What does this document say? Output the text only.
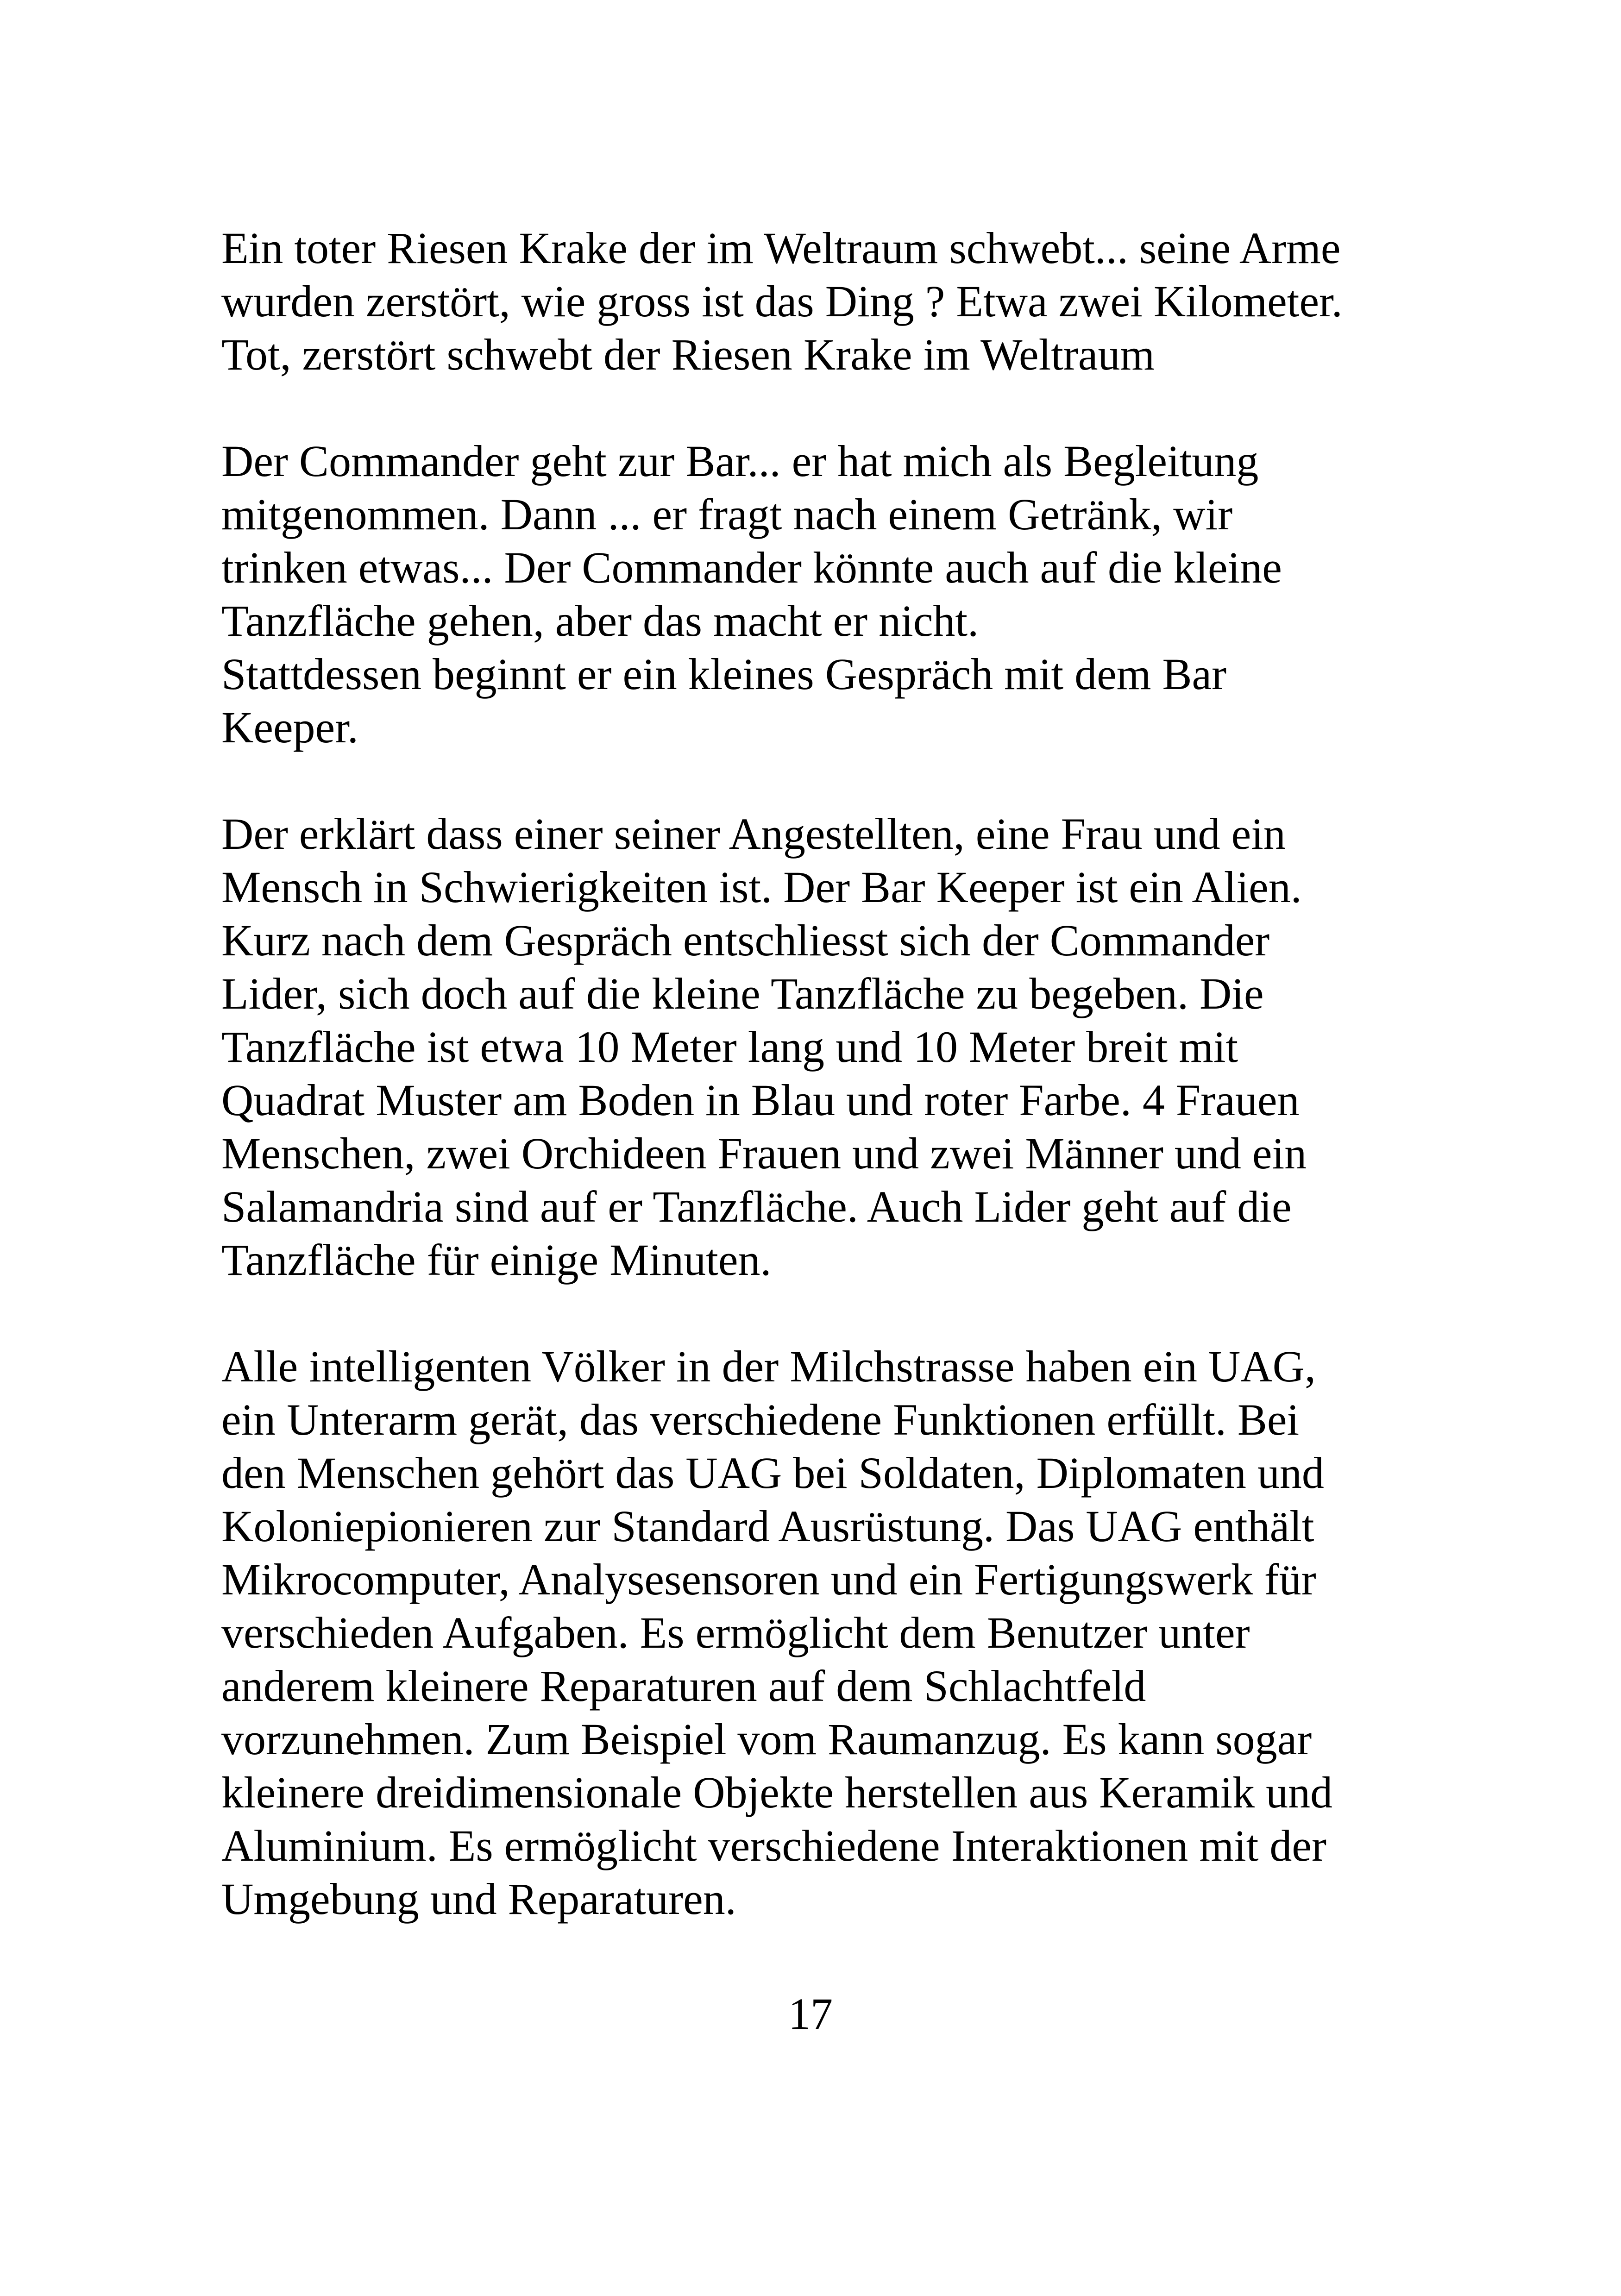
Ein toter Riesen Krake der im Weltraum schwebt... seine Arme
wurden zerstört, wie gross ist das Ding ? Etwa zwei Kilometer.
Tot, zerstört schwebt der Riesen Krake im Weltraum

Der Commander geht zur Bar... er hat mich als Begleitung
mitgenommen. Dann ... er fragt nach einem Getränk, wir
trinken etwas... Der Commander könnte auch auf die kleine
Tanzfläche gehen, aber das macht er nicht.
Stattdessen beginnt er ein kleines Gespräch mit dem Bar
Keeper.

Der erklärt dass einer seiner Angestellten, eine Frau und ein
Mensch in Schwierigkeiten ist. Der Bar Keeper ist ein Alien.
Kurz nach dem Gespräch entschliesst sich der Commander
Lider, sich doch auf die kleine Tanzfläche zu begeben. Die
Tanzfläche ist etwa 10 Meter lang und 10 Meter breit mit
Quadrat Muster am Boden in Blau und roter Farbe. 4 Frauen
Menschen, zwei Orchideen Frauen und zwei Männer und ein
Salamandria sind auf er Tanzfläche. Auch Lider geht auf die
Tanzfläche für einige Minuten.

Alle intelligenten Völker in der Milchstrasse haben ein UAG,
ein Unterarm gerät, das verschiedene Funktionen erfüllt. Bei
den Menschen gehört das UAG bei Soldaten, Diplomaten und
Koloniepionieren zur Standard Ausrüstung. Das UAG enthält
Mikrocomputer, Analysesensoren und ein Fertigungswerk für
verschieden Aufgaben. Es ermöglicht dem Benutzer unter
anderem kleinere Reparaturen auf dem Schlachtfeld
vorzunehmen. Zum Beispiel vom Raumanzug. Es kann sogar
kleinere dreidimensionale Objekte herstellen aus Keramik und
Aluminium. Es ermöglicht verschiedene Interaktionen mit der
Umgebung und Reparaturen.

17
